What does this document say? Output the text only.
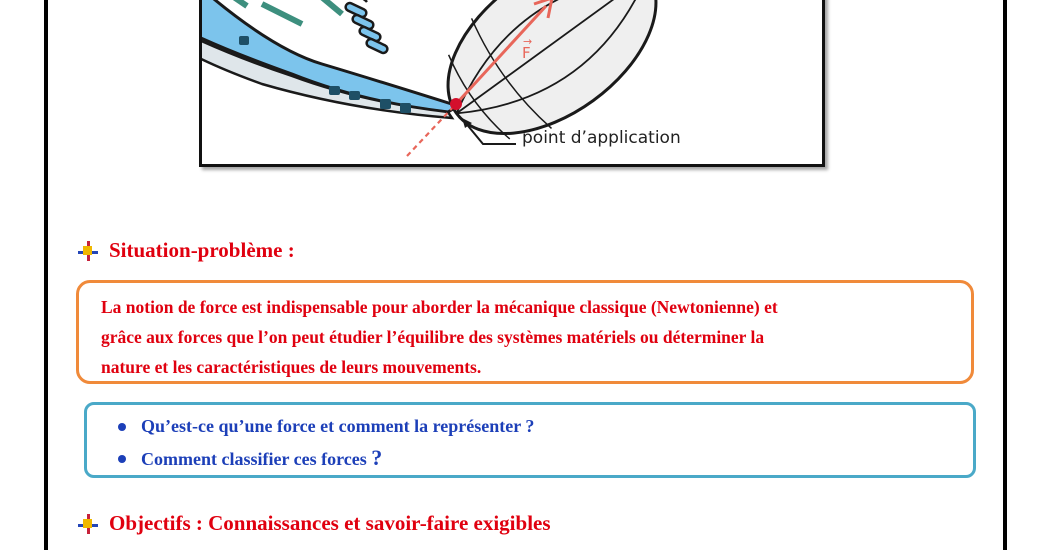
→
F
point d’application
Situation-problème :
La notion de force est indispensable pour aborder la mécanique classique (Newtonienne) et
grâce aux forces que l’on peut étudier l’équilibre des systèmes matériels ou déterminer la
nature et les caractéristiques de leurs mouvements.
Qu’est-ce qu’une force et comment la représenter ?
Comment classifier ces forces ?
Objectifs : Connaissances et savoir-faire exigibles
